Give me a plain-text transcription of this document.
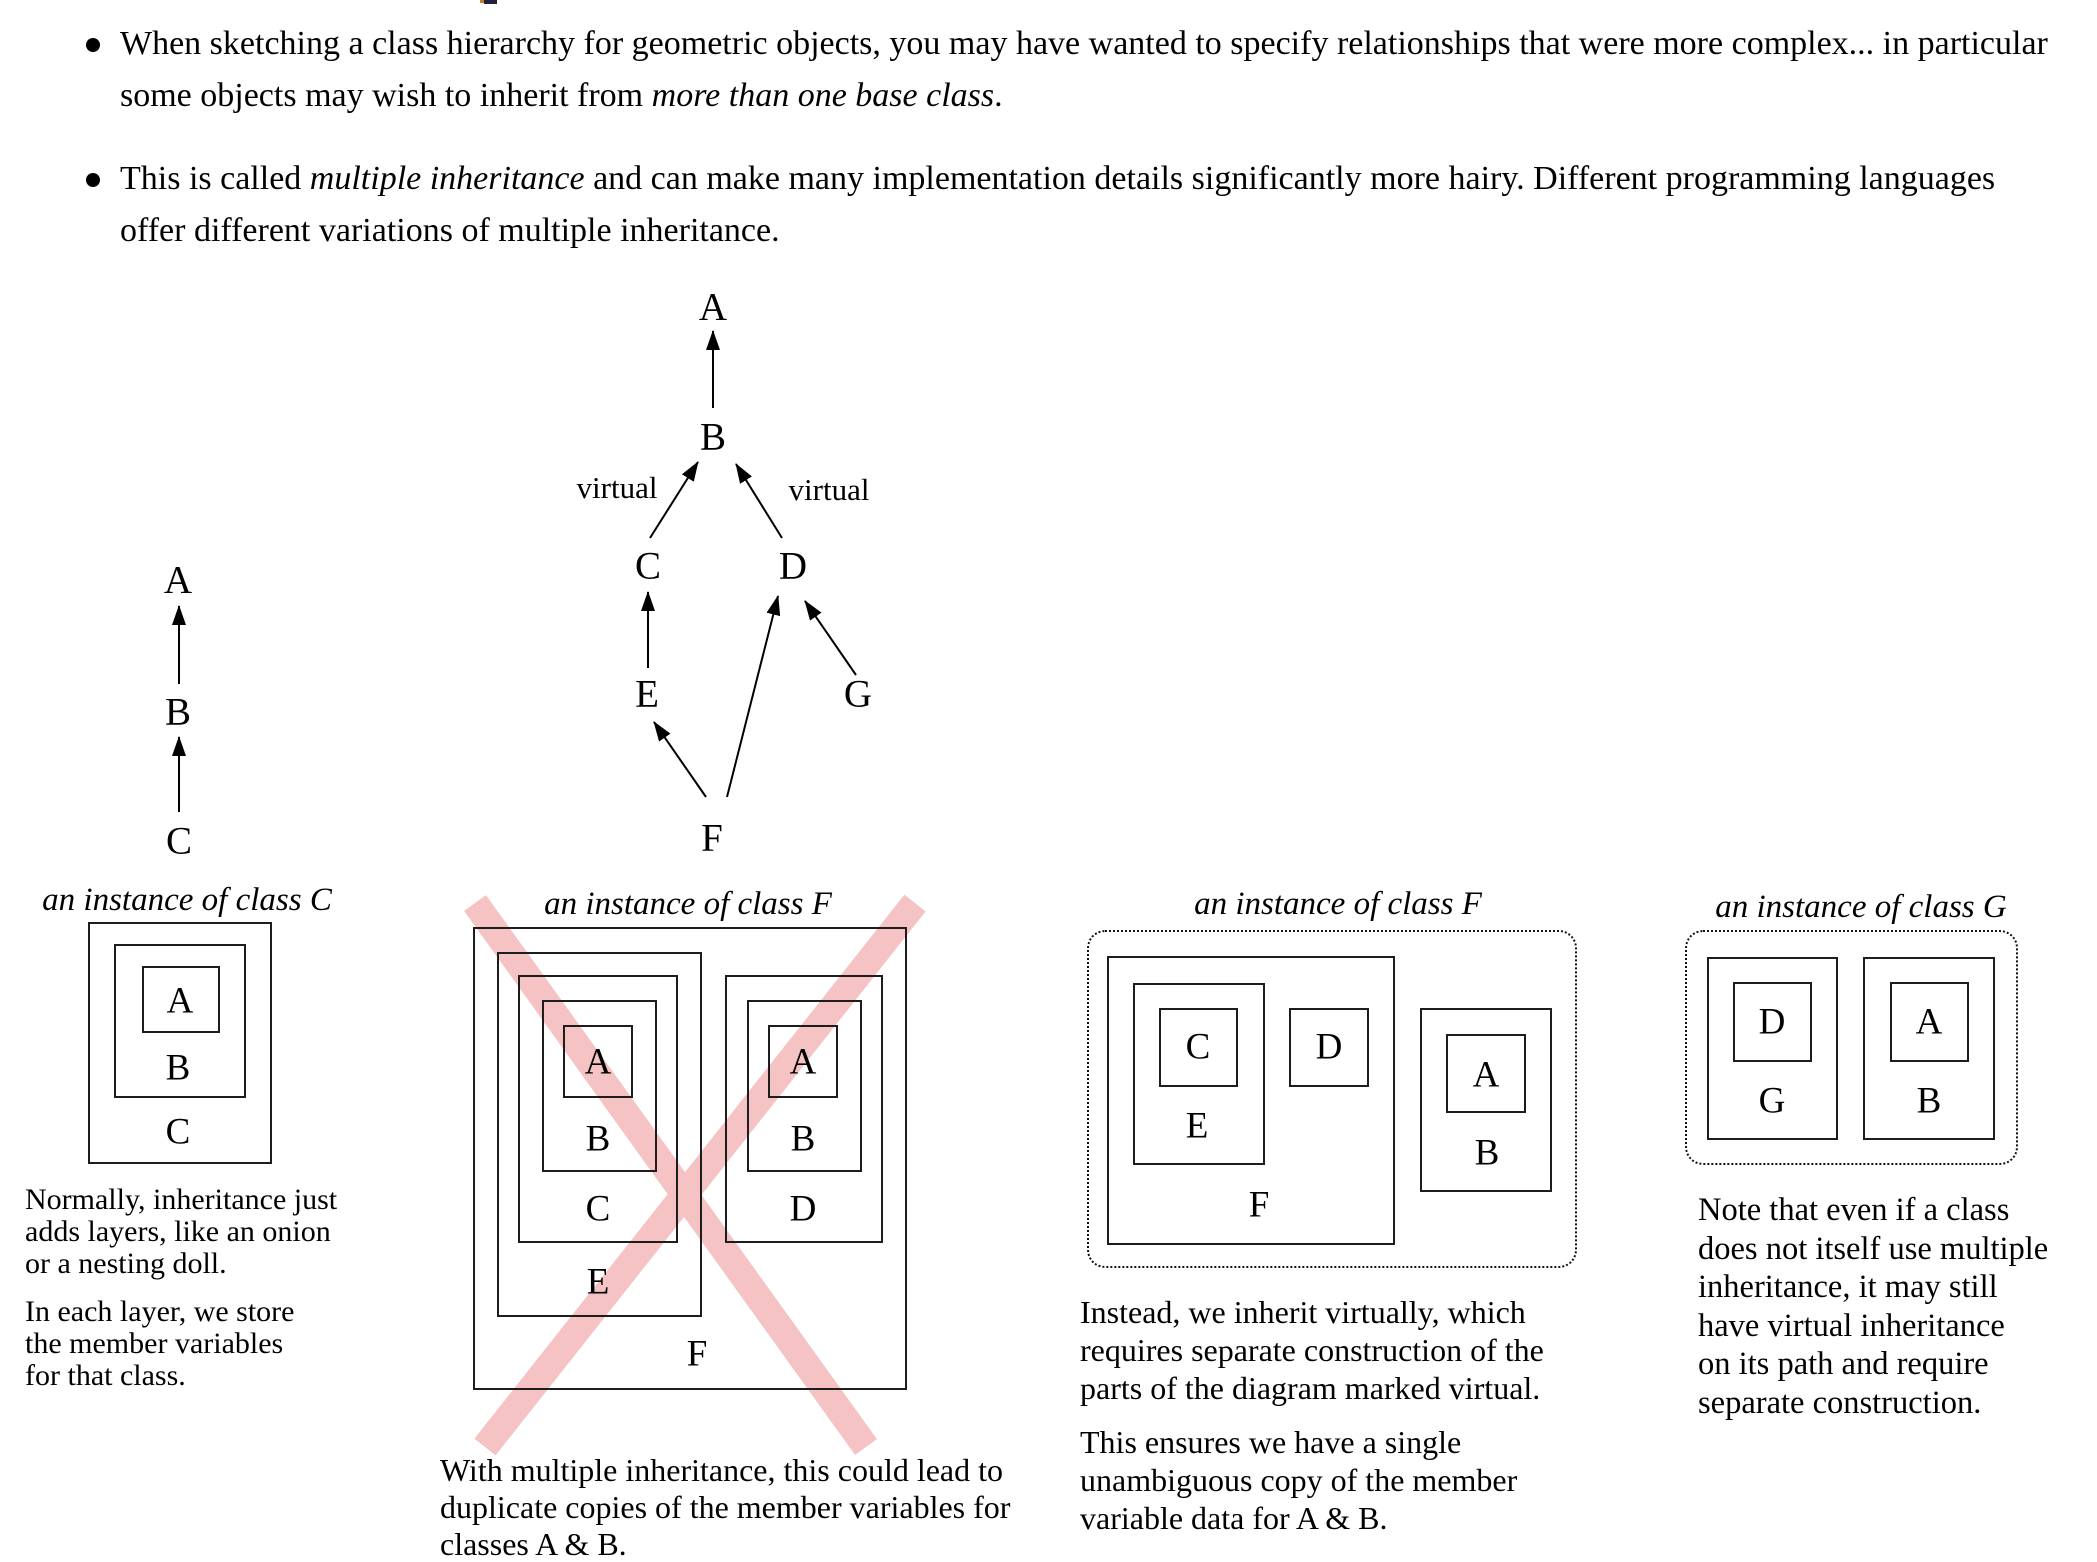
When sketching a class hierarchy for geometric objects, you may have wanted to specify relationships that were more complex... in particular some objects may wish to inherit from more than one base class.
This is called multiple inheritance and can make many implementation details significantly more hairy. Different programming languages offer different variations of multiple inheritance.
A
B
C
A
B
virtual	virtual
C	D
E	G
F
an instance of class C
A
B
C
Normally, inheritance just
adds layers, like an onion
or a nesting doll.
In each layer, we store
the member variables
for that class.
an instance of class F
A
B
C
E
A
B
D
F
With multiple inheritance, this could lead to
duplicate copies of the member variables for
classes A & B.
an instance of class F
C	D
E
F
A
B
Instead, we inherit virtually, which
requires separate construction of the
parts of the diagram marked virtual.
This ensures we have a single
unambiguous copy of the member
variable data for A & B.
an instance of class G
D
G
A
B
Note that even if a class
does not itself use multiple
inheritance, it may still
have virtual inheritance
on its path and require
separate construction.
